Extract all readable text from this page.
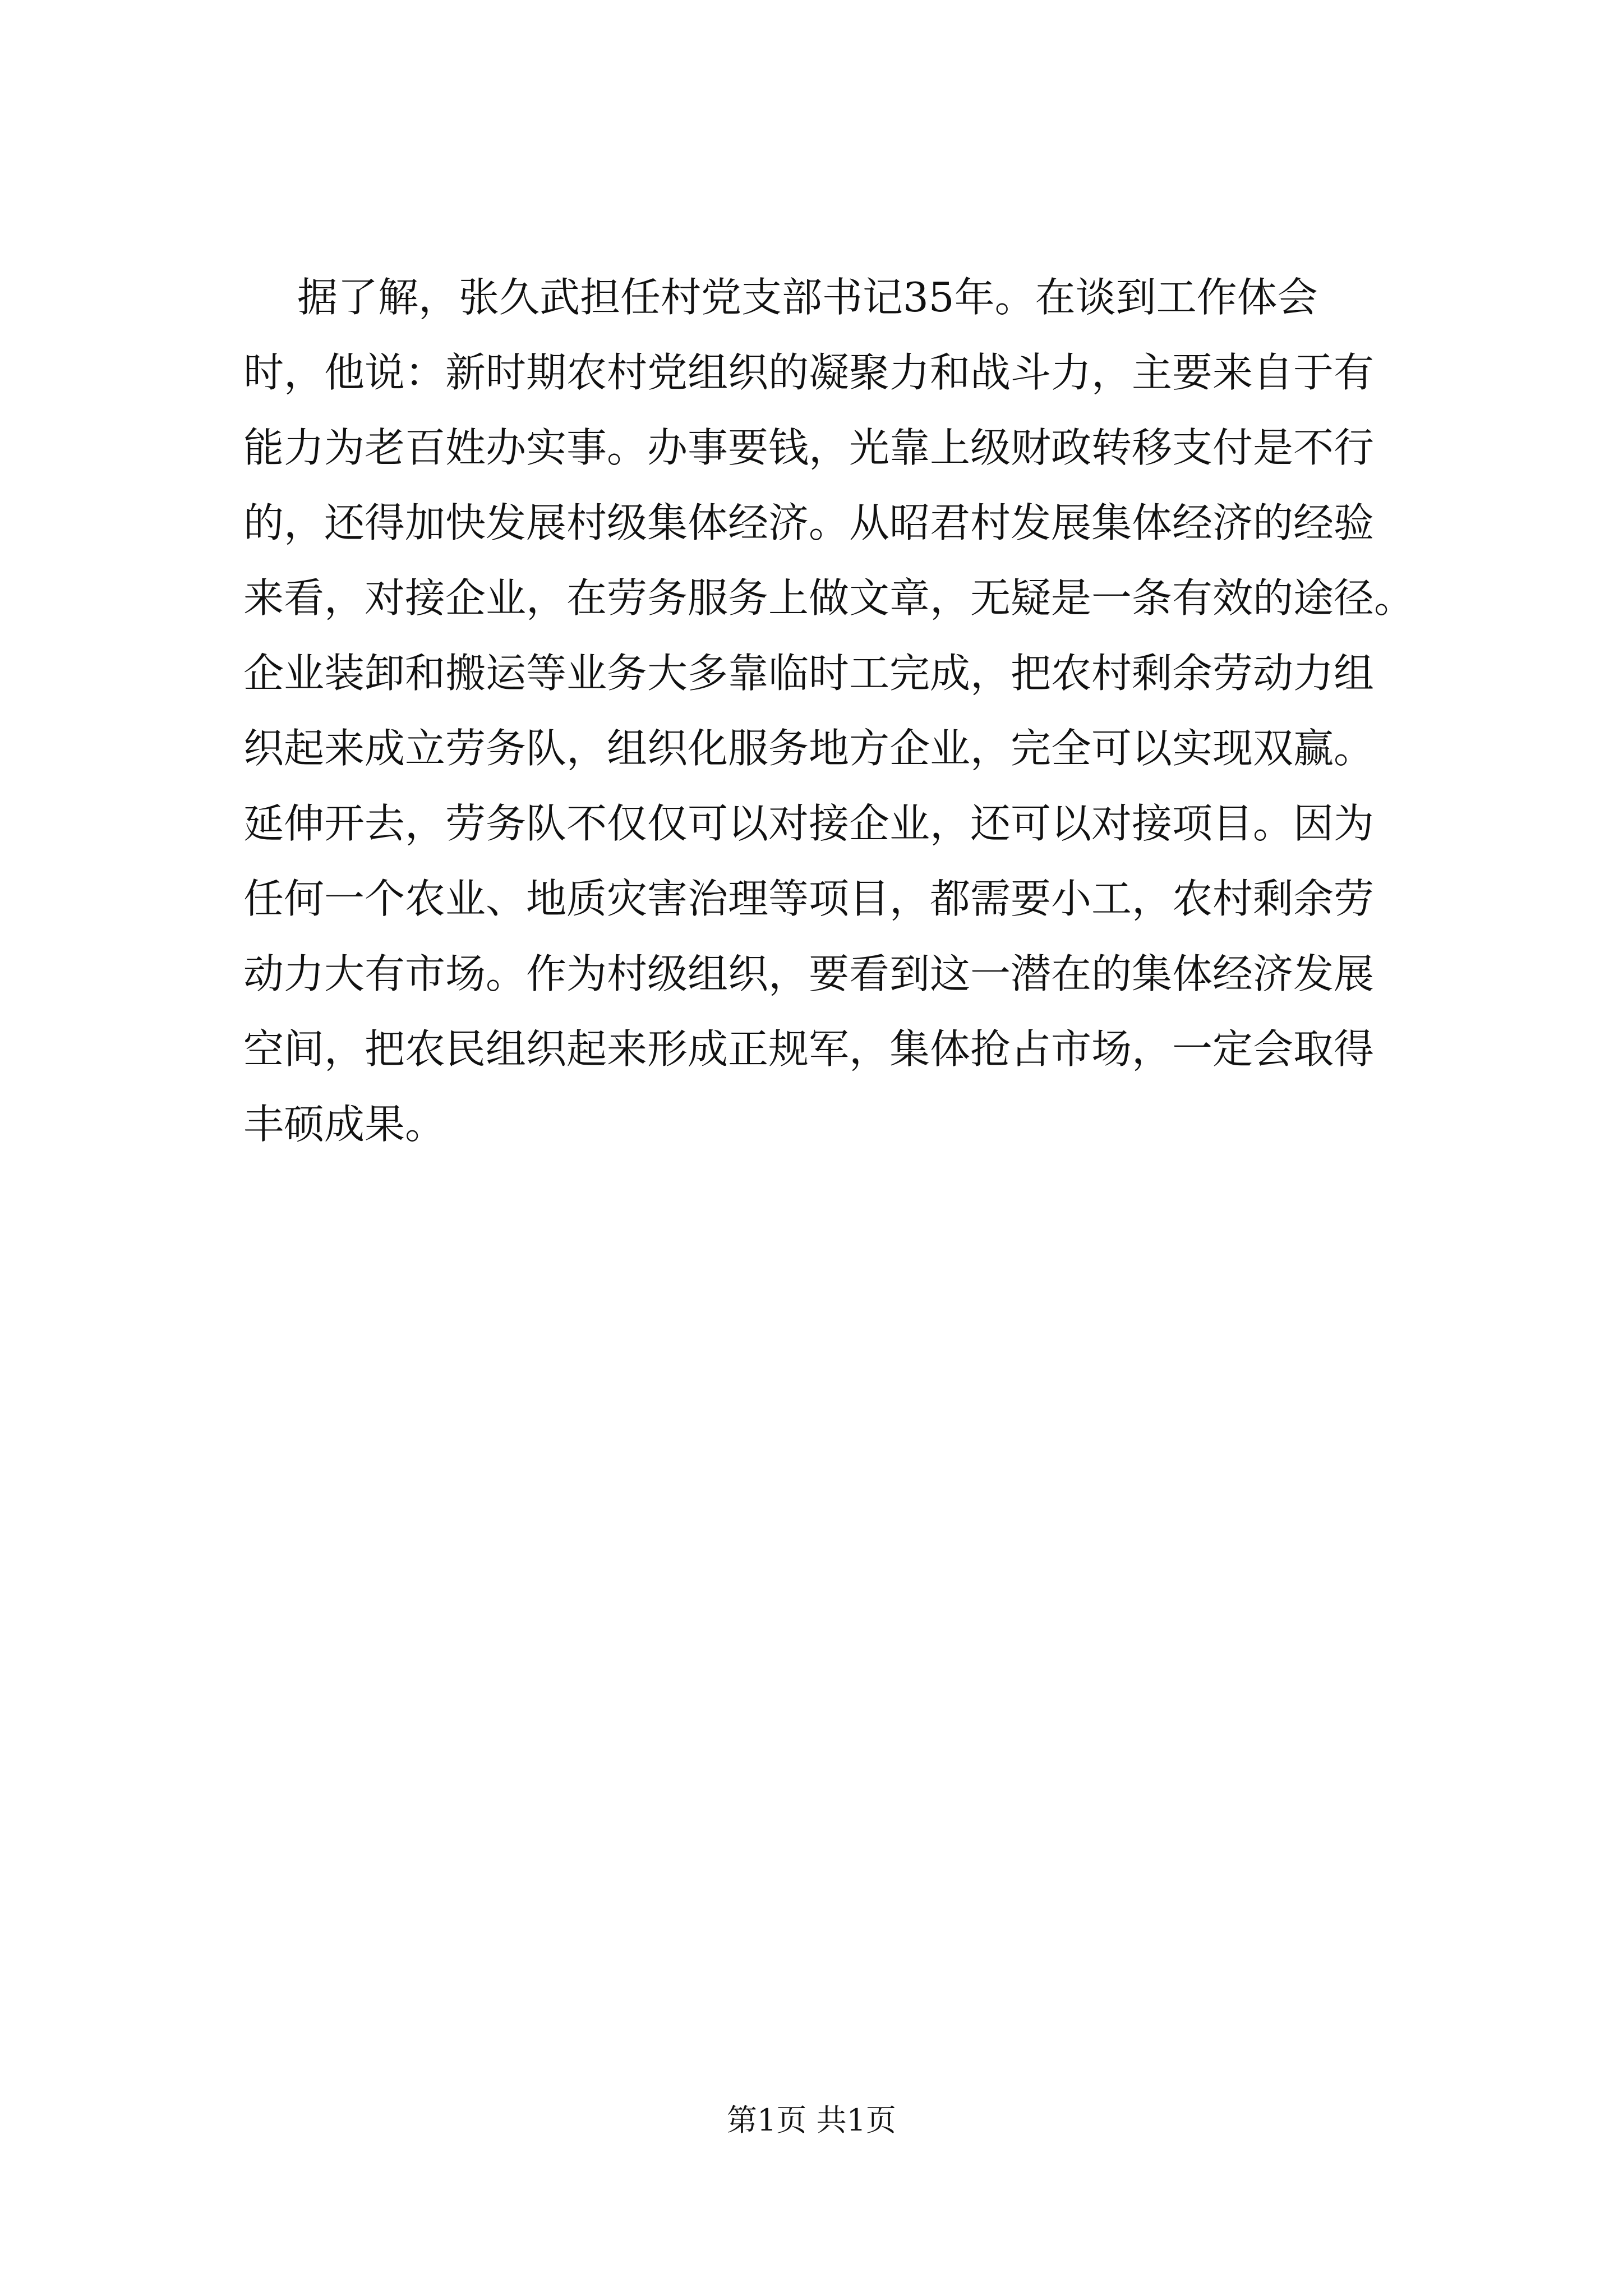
据了解，张久武担任村党支部书记35年。在谈到工作体会
时，他说：新时期农村党组织的凝聚力和战斗力，主要来自于有
能力为老百姓办实事。办事要钱，光靠上级财政转移支付是不行
的，还得加快发展村级集体经济。从昭君村发展集体经济的经验
来看，对接企业，在劳务服务上做文章，无疑是一条有效的途径。
企业装卸和搬运等业务大多靠临时工完成，把农村剩余劳动力组
织起来成立劳务队，组织化服务地方企业，完全可以实现双赢。
延伸开去，劳务队不仅仅可以对接企业，还可以对接项目。因为
任何一个农业、地质灾害治理等项目，都需要小工，农村剩余劳
动力大有市场。作为村级组织，要看到这一潜在的集体经济发展
空间，把农民组织起来形成正规军，集体抢占市场，一定会取得
丰硕成果。
第1页 共1页
